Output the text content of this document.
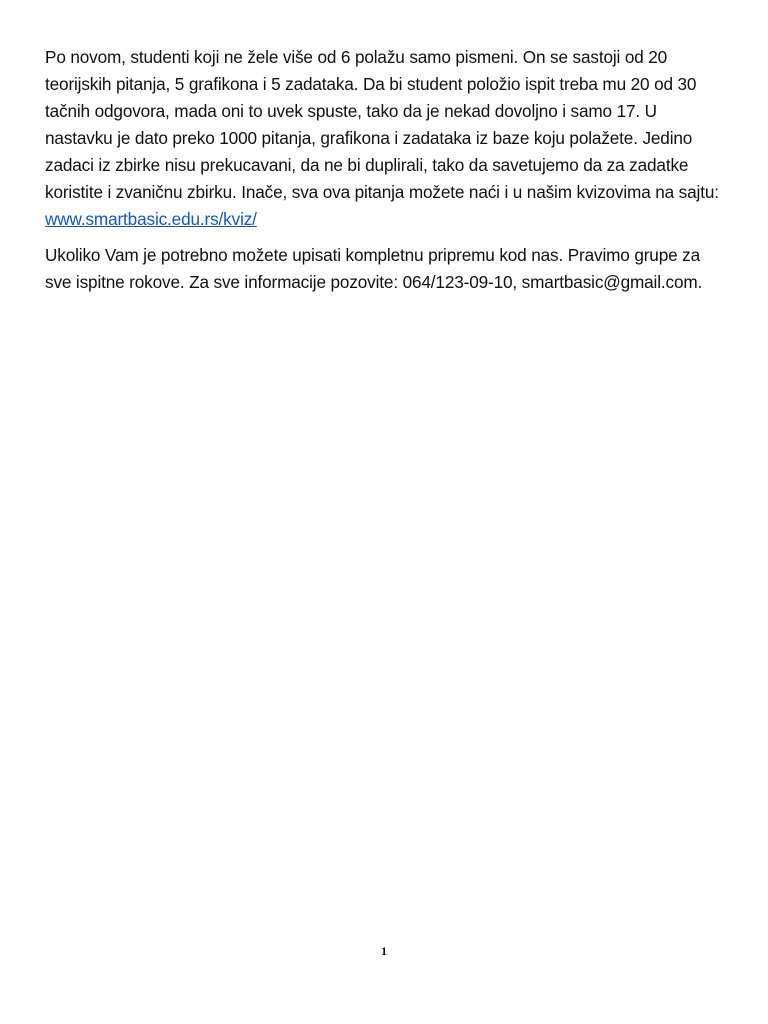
Po novom, studenti koji ne žele više od 6 polažu samo pismeni. On se sastoji od 20 teorijskih pitanja, 5 grafikona i 5 zadataka. Da bi student položio ispit treba mu 20 od 30 tačnih odgovora, mada oni to uvek spuste, tako da je nekad dovoljno i samo 17. U nastavku je dato preko 1000 pitanja, grafikona i zadataka iz baze koju polažete. Jedino zadaci iz zbirke nisu prekucavani, da ne bi duplirali, tako da savetujemo da za zadatke koristite i zvaničnu zbirku. Inače, sva ova pitanja možete naći i u našim kvizovima na sajtu: www.smartbasic.edu.rs/kviz/

Ukoliko Vam je potrebno možete upisati kompletnu pripremu kod nas. Pravimo grupe za sve ispitne rokove. Za sve informacije pozovite: 064/123-09-10, smartbasic@gmail.com.

1
